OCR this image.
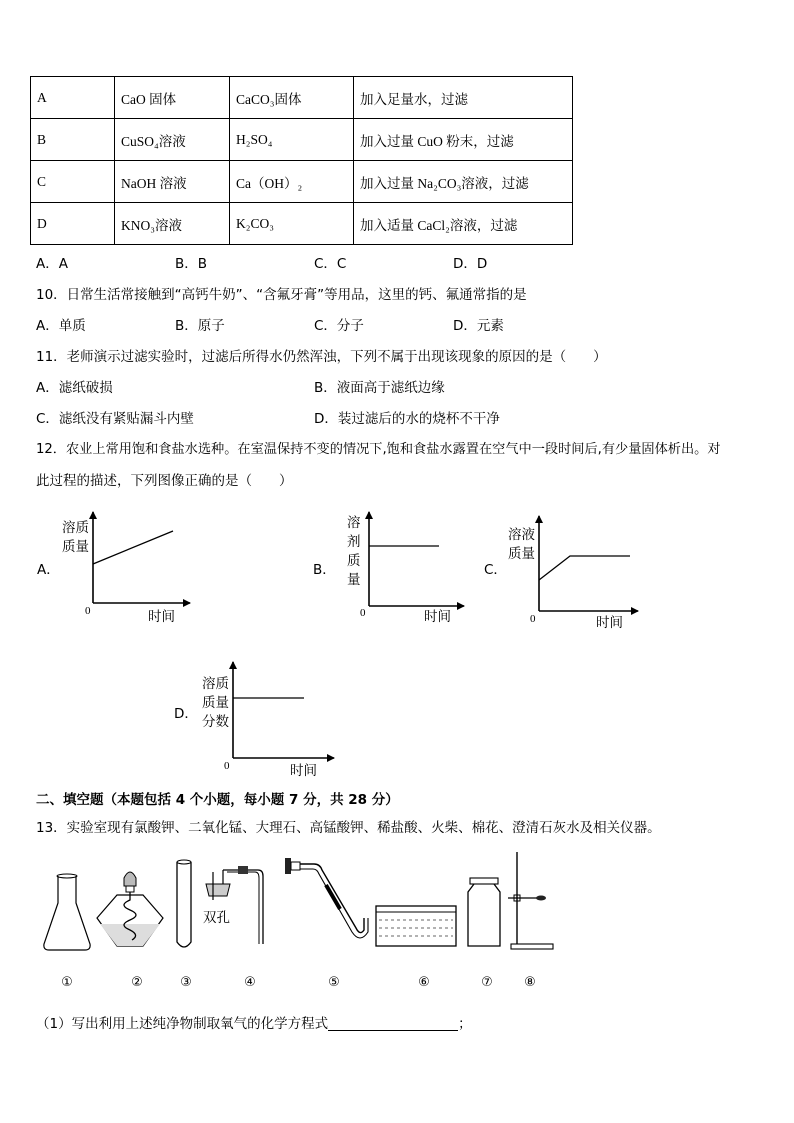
A	CaO 固体	CaCO₃固体	加入足量水，过滤
B	CuSO₄溶液	H₂SO₄	加入过量 CuO 粉末，过滤
C	NaOH 溶液	Ca（OH）₂	加入过量 Na₂CO₃溶液，过滤
D	KNO₃溶液	K₂CO₃	加入适量 CaCl₂溶液，过滤
A．A	B．B	C．C	D．D
10．日常生活常接触到“高钙牛奶”、“含氟牙膏”等用品，这里的钙、氟通常指的是
A．单质	B．原子	C．分子	D．元素
11．老师演示过滤实验时，过滤后所得水仍然浑浊，下列不属于出现该现象的原因的是（　　）
A．滤纸破损	B．液面高于滤纸边缘
C．滤纸没有紧贴漏斗内壁	D．装过滤后的水的烧杯不干净
12．农业上常用饱和食盐水选种。在室温保持不变的情况下,饱和食盐水露置在空气中一段时间后,有少量固体析出。对
此过程的描述，下列图像正确的是（　　）
A．
溶质
质量
0	时间
B．
溶
剂
质
量
0	时间
C．
溶液
质量
0	时间
D．
溶质
质量
分数
0	时间
二、填空题（本题包括 4 个小题，每小题 7 分，共 28 分）
13．实验室现有氯酸钾、二氧化锰、大理石、高锰酸钾、稀盐酸、火柴、棉花、澄清石灰水及相关仪器。
双孔
①	②	③	④	⑤	⑥	⑦ ⑧
（1）写出利用上述纯净物制取氧气的化学方程式	；
